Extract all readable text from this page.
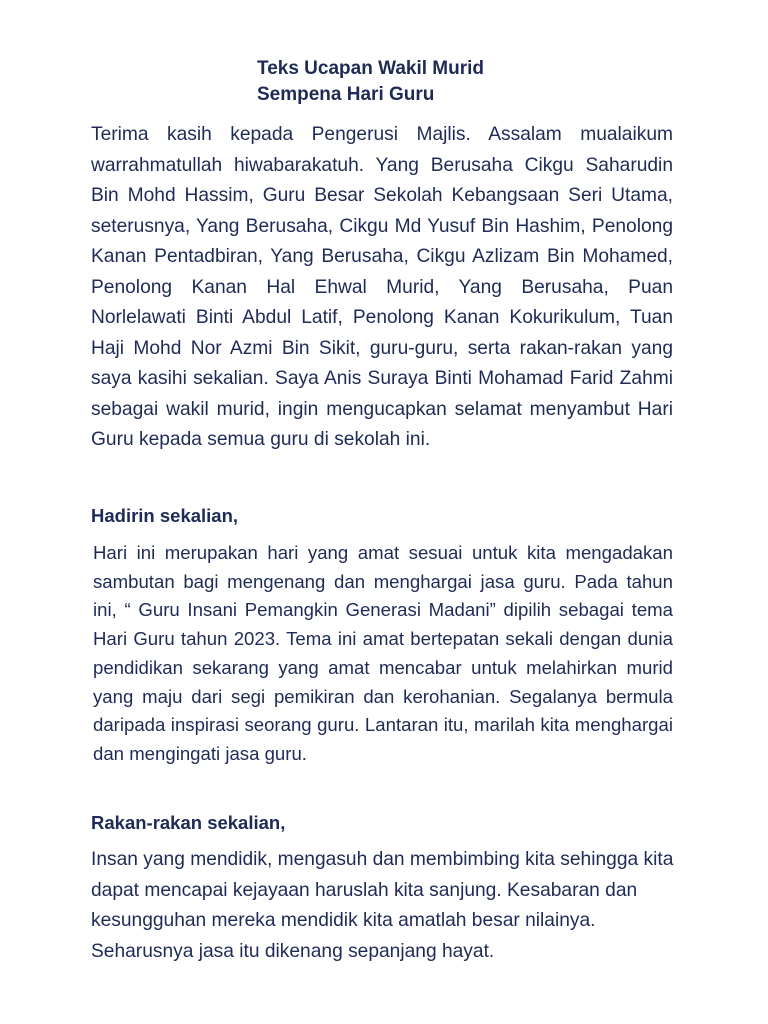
Teks Ucapan Wakil Murid
Sempena Hari Guru
Terima kasih kepada Pengerusi Majlis. Assalam mualaikum warrahmatullah hiwabarakatuh. Yang Berusaha Cikgu Saharudin Bin Mohd Hassim, Guru Besar Sekolah Kebangsaan Seri Utama, seterusnya, Yang Berusaha, Cikgu Md Yusuf Bin Hashim, Penolong Kanan Pentadbiran, Yang Berusaha, Cikgu Azlizam Bin Mohamed, Penolong Kanan Hal Ehwal Murid, Yang Berusaha, Puan Norlelawati Binti Abdul Latif, Penolong Kanan Kokurikulum, Tuan Haji Mohd Nor Azmi Bin Sikit, guru-guru, serta rakan-rakan yang saya kasihi sekalian. Saya Anis Suraya Binti Mohamad Farid Zahmi sebagai wakil murid, ingin mengucapkan selamat menyambut Hari Guru kepada semua guru di sekolah ini.
Hadirin sekalian,
Hari ini merupakan hari yang amat sesuai untuk kita mengadakan sambutan bagi mengenang dan menghargai jasa guru. Pada tahun ini, “ Guru Insani Pemangkin Generasi Madani” dipilih sebagai tema Hari Guru tahun 2023. Tema ini amat bertepatan sekali dengan dunia pendidikan sekarang yang amat mencabar untuk melahirkan murid yang maju dari segi pemikiran dan kerohanian. Segalanya bermula daripada inspirasi seorang guru. Lantaran itu, marilah kita menghargai dan mengingati jasa guru.
Rakan-rakan sekalian,
Insan yang mendidik, mengasuh dan membimbing kita sehingga kita dapat mencapai kejayaan haruslah kita sanjung. Kesabaran dan kesungguhan mereka mendidik kita amatlah besar nilainya. Seharusnya jasa itu dikenang sepanjang hayat.
